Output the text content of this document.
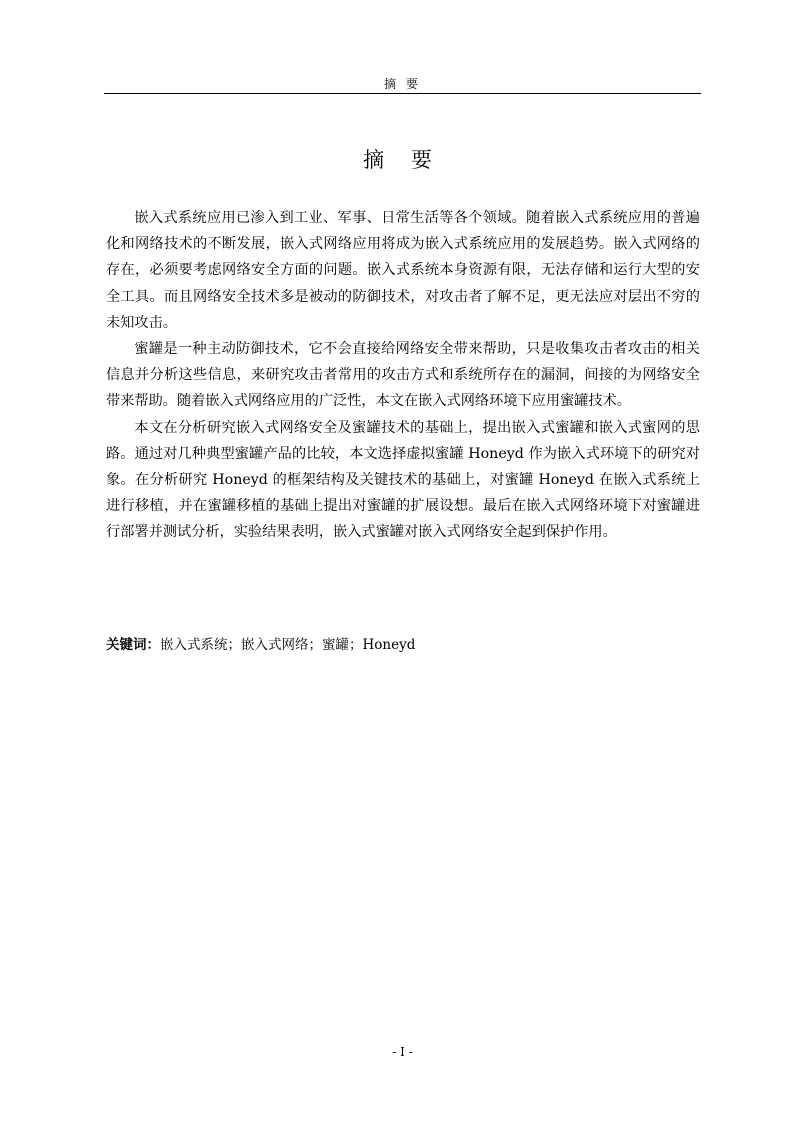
摘 要
摘 要

嵌入式系统应用已渗入到工业、军事、日常生活等各个领域。随着嵌入式系统应用的普遍化和网络技术的不断发展，嵌入式网络应用将成为嵌入式系统应用的发展趋势。嵌入式网络的存在，必须要考虑网络安全方面的问题。嵌入式系统本身资源有限，无法存储和运行大型的安全工具。而且网络安全技术多是被动的防御技术，对攻击者了解不足，更无法应对层出不穷的未知攻击。

蜜罐是一种主动防御技术，它不会直接给网络安全带来帮助，只是收集攻击者攻击的相关信息并分析这些信息，来研究攻击者常用的攻击方式和系统所存在的漏洞，间接的为网络安全带来帮助。随着嵌入式网络应用的广泛性，本文在嵌入式网络环境下应用蜜罐技术。

本文在分析研究嵌入式网络安全及蜜罐技术的基础上，提出嵌入式蜜罐和嵌入式蜜网的思路。通过对几种典型蜜罐产品的比较，本文选择虚拟蜜罐 Honeyd 作为嵌入式环境下的研究对象。在分析研究 Honeyd 的框架结构及关键技术的基础上，对蜜罐 Honeyd 在嵌入式系统上进行移植，并在蜜罐移植的基础上提出对蜜罐的扩展设想。最后在嵌入式网络环境下对蜜罐进行部署并测试分析，实验结果表明，嵌入式蜜罐对嵌入式网络安全起到保护作用。

关键词：嵌入式系统；嵌入式网络；蜜罐；Honeyd
- I -
